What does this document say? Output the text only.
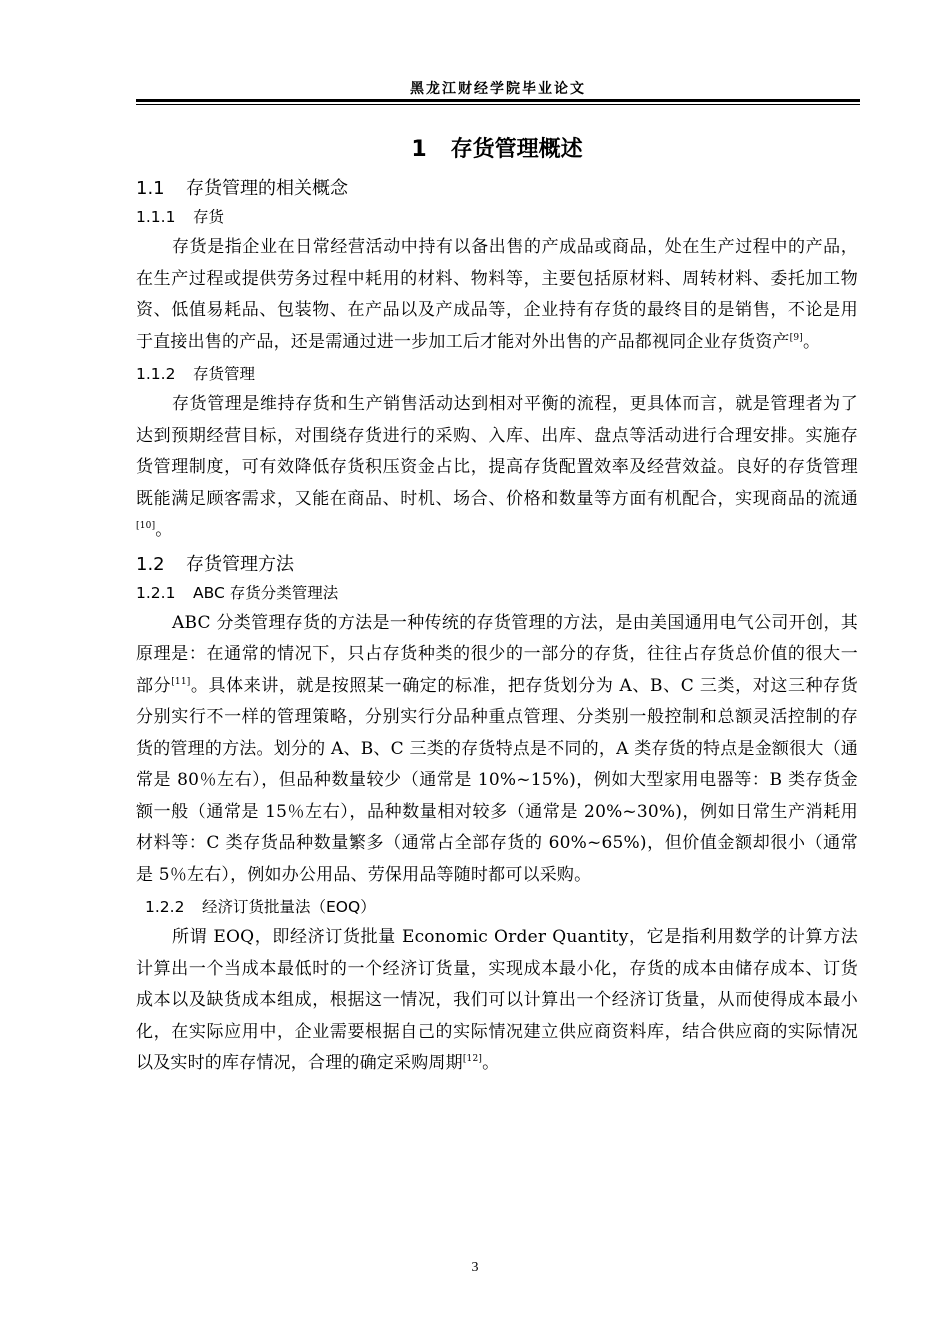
黑龙江财经学院毕业论文
1 存货管理概述
1.1 存货管理的相关概念
1.1.1 存货

存货是指企业在日常经营活动中持有以备出售的产成品或商品，处在生产过程中的产品，在生产过程或提供劳务过程中耗用的材料、物料等，主要包括原材料、周转材料、委托加工物资、低值易耗品、包装物、在产品以及产成品等，企业持有存货的最终目的是销售，不论是用于直接出售的产品，还是需通过进一步加工后才能对外出售的产品都视同企业存货资产[9]。

1.1.2 存货管理

存货管理是维持存货和生产销售活动达到相对平衡的流程，更具体而言，就是管理者为了达到预期经营目标，对围绕存货进行的采购、入库、出库、盘点等活动进行合理安排。实施存货管理制度，可有效降低存货积压资金占比，提高存货配置效率及经营效益。良好的存货管理既能满足顾客需求，又能在商品、时机、场合、价格和数量等方面有机配合，实现商品的流通[10]。

1.2 存货管理方法
1.2.1 ABC 存货分类管理法

ABC 分类管理存货的方法是一种传统的存货管理的方法，是由美国通用电气公司开创，其原理是：在通常的情况下，只占存货种类的很少的一部分的存货，往往占存货总价值的很大一部分[11]。具体来讲，就是按照某一确定的标准，把存货划分为 A、B、C 三类，对这三种存货分别实行不一样的管理策略，分别实行分品种重点管理、分类别一般控制和总额灵活控制的存货的管理的方法。划分的 A、B、C 三类的存货特点是不同的，A 类存货的特点是金额很大（通常是 80％左右），但品种数量较少（通常是 10%~15%)，例如大型家用电器等：B 类存货金额一般（通常是 15％左右），品种数量相对较多（通常是 20%~30%)，例如日常生产消耗用材料等：C 类存货品种数量繁多（通常占全部存货的 60%~65%)，但价值金额却很小（通常是 5％左右），例如办公用品、劳保用品等随时都可以采购。

1.2.2 经济订货批量法（EOQ）

所谓 EOQ，即经济订货批量 Economic Order Quantity，它是指利用数学的计算方法计算出一个当成本最低时的一个经济订货量，实现成本最小化，存货的成本由储存成本、订货成本以及缺货成本组成，根据这一情况，我们可以计算出一个经济订货量，从而使得成本最小化，在实际应用中，企业需要根据自己的实际情况建立供应商资料库，结合供应商的实际情况以及实时的库存情况，合理的确定采购周期[12]。

3
